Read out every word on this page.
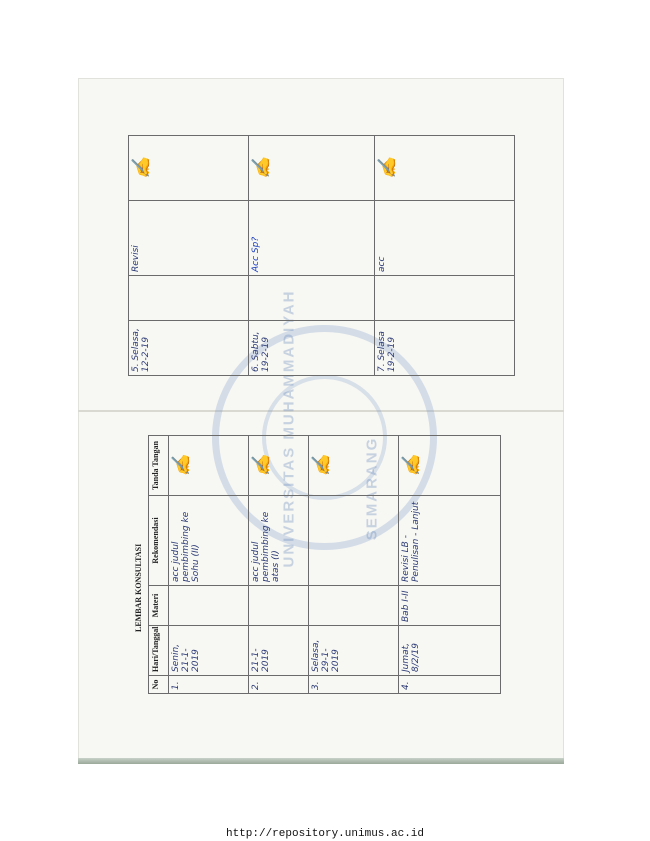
UNIVERSITAS MUHAMMADIYAH	SEMARANG
LEMBAR KONSULTASI
No	Hari/Tanggal	Materi	Rekomendasi	Tanda Tangan
1.	Senin, 21-1-2019		acc judul pembimbing ke Sohu (II)	✍
2.	21-1-2019		acc judul pembimbing ke atas (I)	✍
3.	Selasa, 29-1-2019			✍
4.	Jumat, 8/2/19	Bab I-II	Revisi LB - Penulisan - Lanjut	✍
5. Selasa, 12-2-19		Revisi	✍
6. Sabtu, 19-2-19		Acc Sp?	✍
7. Selasa 19-2-19		acc	✍
http://repository.unimus.ac.id
